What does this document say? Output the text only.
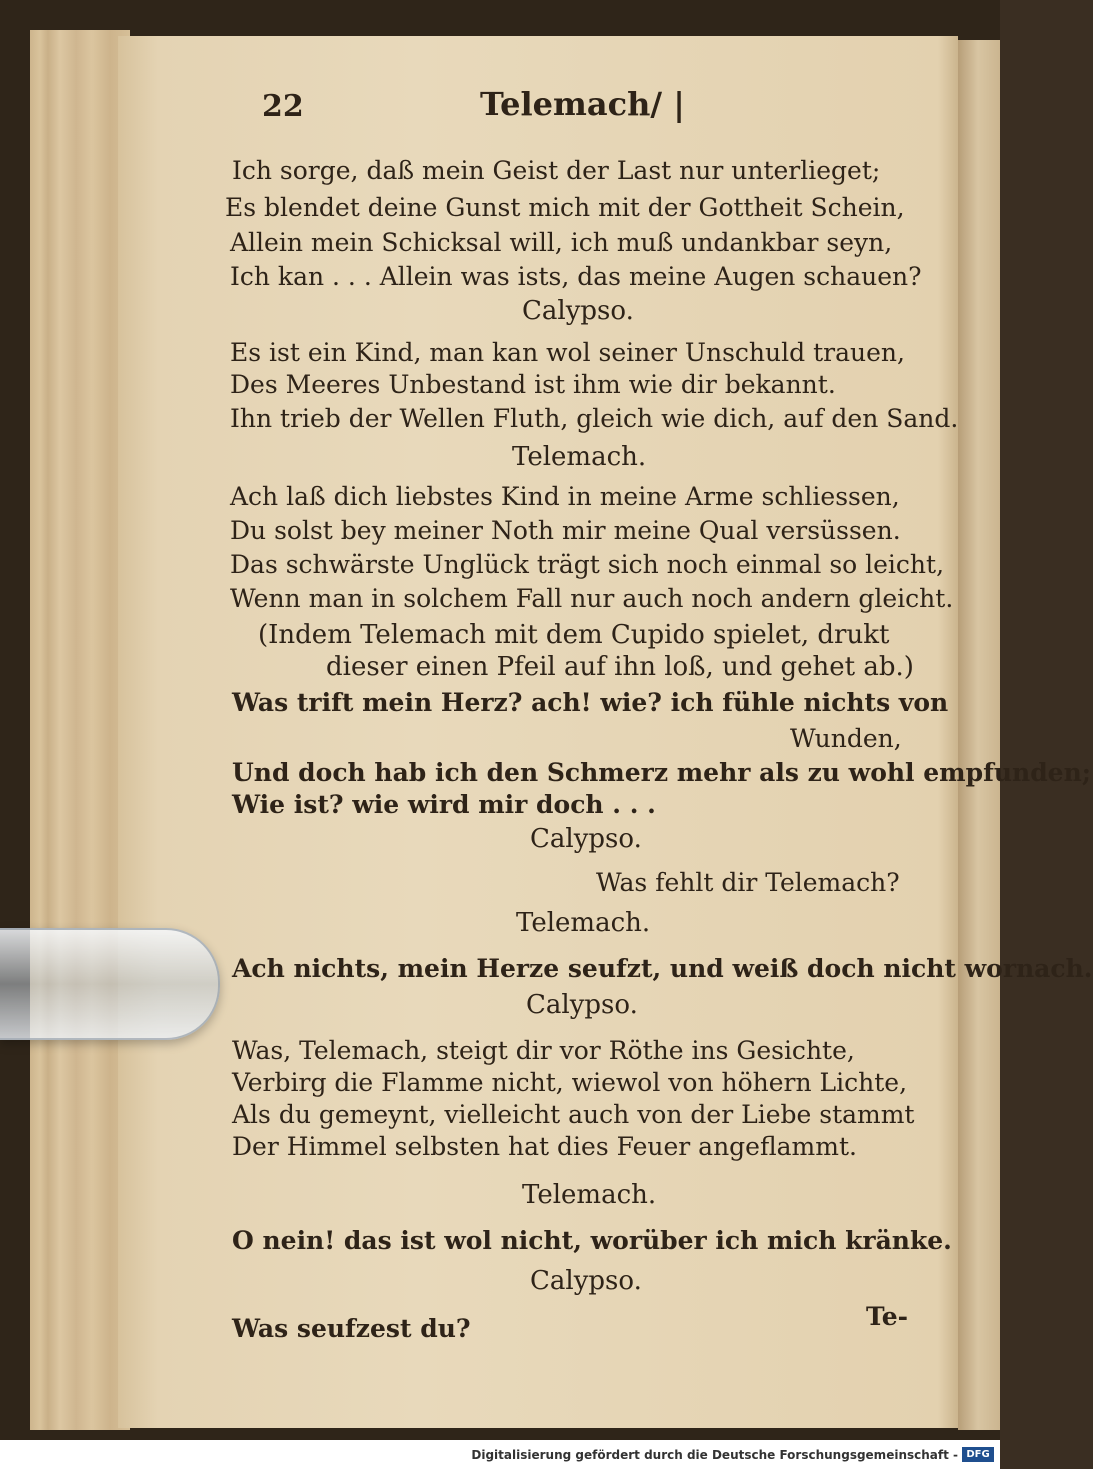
22	Telemach/ |
Ich sorge, daß mein Geist der Last nur unterlieget;
Es blendet deine Gunst mich mit der Gottheit Schein,
Allein mein Schicksal will, ich muß undankbar seyn,
Ich kan . . . Allein was ists, das meine Augen schauen?
Calypso.
Es ist ein Kind, man kan wol seiner Unschuld trauen,
Des Meeres Unbestand ist ihm wie dir bekannt.
Ihn trieb der Wellen Fluth, gleich wie dich, auf den Sand.
Telemach.
Ach laß dich liebstes Kind in meine Arme schliessen,
Du solst bey meiner Noth mir meine Qual versüssen.
Das schwärste Unglück trägt sich noch einmal so leicht,
Wenn man in solchem Fall nur auch noch andern gleicht.
(Indem Telemach mit dem Cupido spielet, drukt
dieser einen Pfeil auf ihn loß, und gehet ab.)
Was trift mein Herz? ach! wie? ich fühle nichts von
Wunden,
Und doch hab ich den Schmerz mehr als zu wohl empfunden;
Wie ist? wie wird mir doch . . .
Calypso.
Was fehlt dir Telemach?
Telemach.
Ach nichts, mein Herze seufzt, und weiß doch nicht wornach.
Calypso.
Was, Telemach, steigt dir vor Röthe ins Gesichte,
Verbirg die Flamme nicht, wiewol von höhern Lichte,
Als du gemeynt, vielleicht auch von der Liebe stammt
Der Himmel selbsten hat dies Feuer angeflammt.
Telemach.
O nein! das ist wol nicht, worüber ich mich kränke.
Calypso.
Was seufzest du?	Te-
Digitalisierung gefördert durch die Deutsche Forschungsgemeinschaft - DFG
